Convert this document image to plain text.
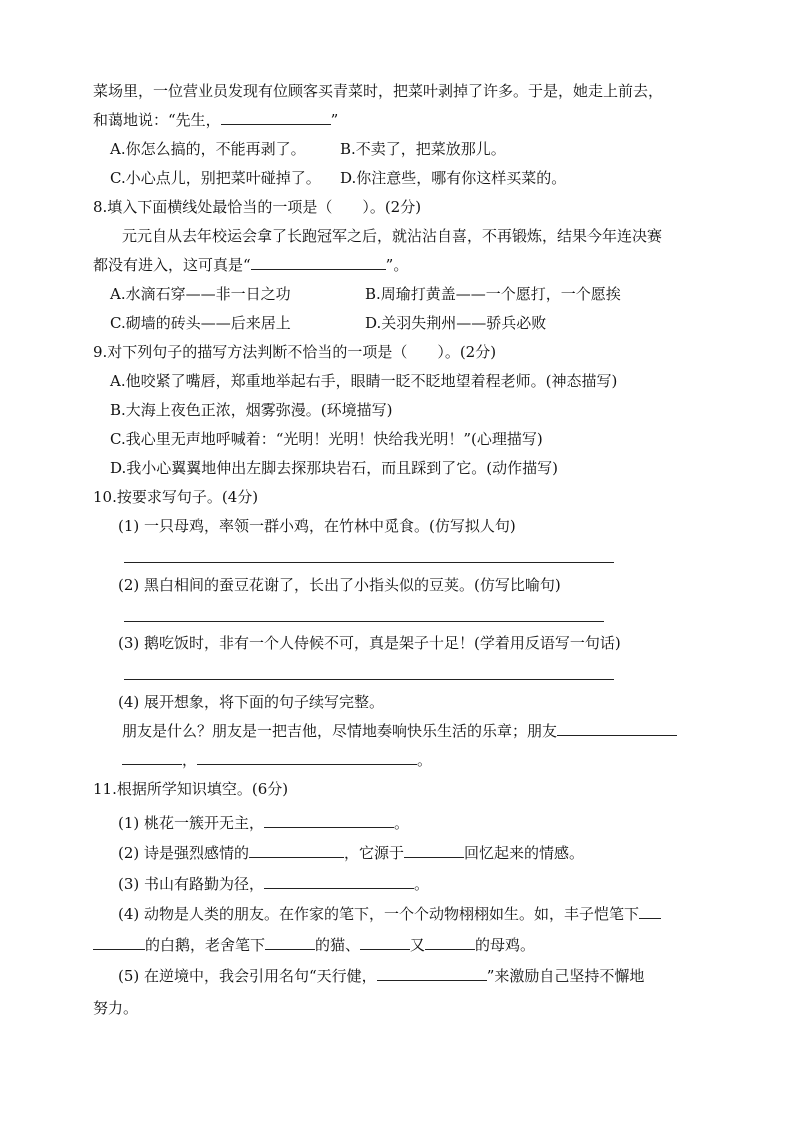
菜场里，一位营业员发现有位顾客买青菜时，把菜叶剥掉了许多。于是，她走上前去，
和蔼地说：“先生，	”
A.你怎么搞的，不能再剥了。 B.不卖了，把菜放那儿。
C.小心点儿，别把菜叶碰掉了。 D.你注意些，哪有你这样买菜的。
8.填入下面横线处最恰当的一项是（　　）。(2分)
元元自从去年校运会拿了长跑冠军之后，就沾沾自喜，不再锻炼，结果今年连决赛
都没有进入，这可真是“	”。
A.水滴石穿——非一日之功	B.周瑜打黄盖——一个愿打，一个愿挨
C.砌墙的砖头——后来居上	D.关羽失荆州——骄兵必败
9.对下列句子的描写方法判断不恰当的一项是（　　）。(2分)
A.他咬紧了嘴唇，郑重地举起右手，眼睛一眨不眨地望着程老师。(神态描写)
B.大海上夜色正浓，烟雾弥漫。(环境描写)
C.我心里无声地呼喊着：“光明！光明！快给我光明！”(心理描写)
D.我小心翼翼地伸出左脚去探那块岩石，而且踩到了它。(动作描写)
10.按要求写句子。(4分)
(1) 一只母鸡，率领一群小鸡，在竹林中觅食。(仿写拟人句)
(2) 黑白相间的蚕豆花谢了，长出了小指头似的豆荚。(仿写比喻句)
(3) 鹅吃饭时，非有一个人侍候不可，真是架子十足！(学着用反语写一句话)
(4) 展开想象，将下面的句子续写完整。
朋友是什么？朋友是一把吉他，尽情地奏响快乐生活的乐章；朋友
，	。
11.根据所学知识填空。(6分)
(1) 桃花一簇开无主，	。
(2) 诗是强烈感情的	，它源于	回忆起来的情感。
(3) 书山有路勤为径，	。
(4) 动物是人类的朋友。在作家的笔下，一个个动物栩栩如生。如，丰子恺笔下
的白鹅，老舍笔下	的猫、	又	的母鸡。
(5) 在逆境中，我会引用名句“天行健，	”来激励自己坚持不懈地
努力。
